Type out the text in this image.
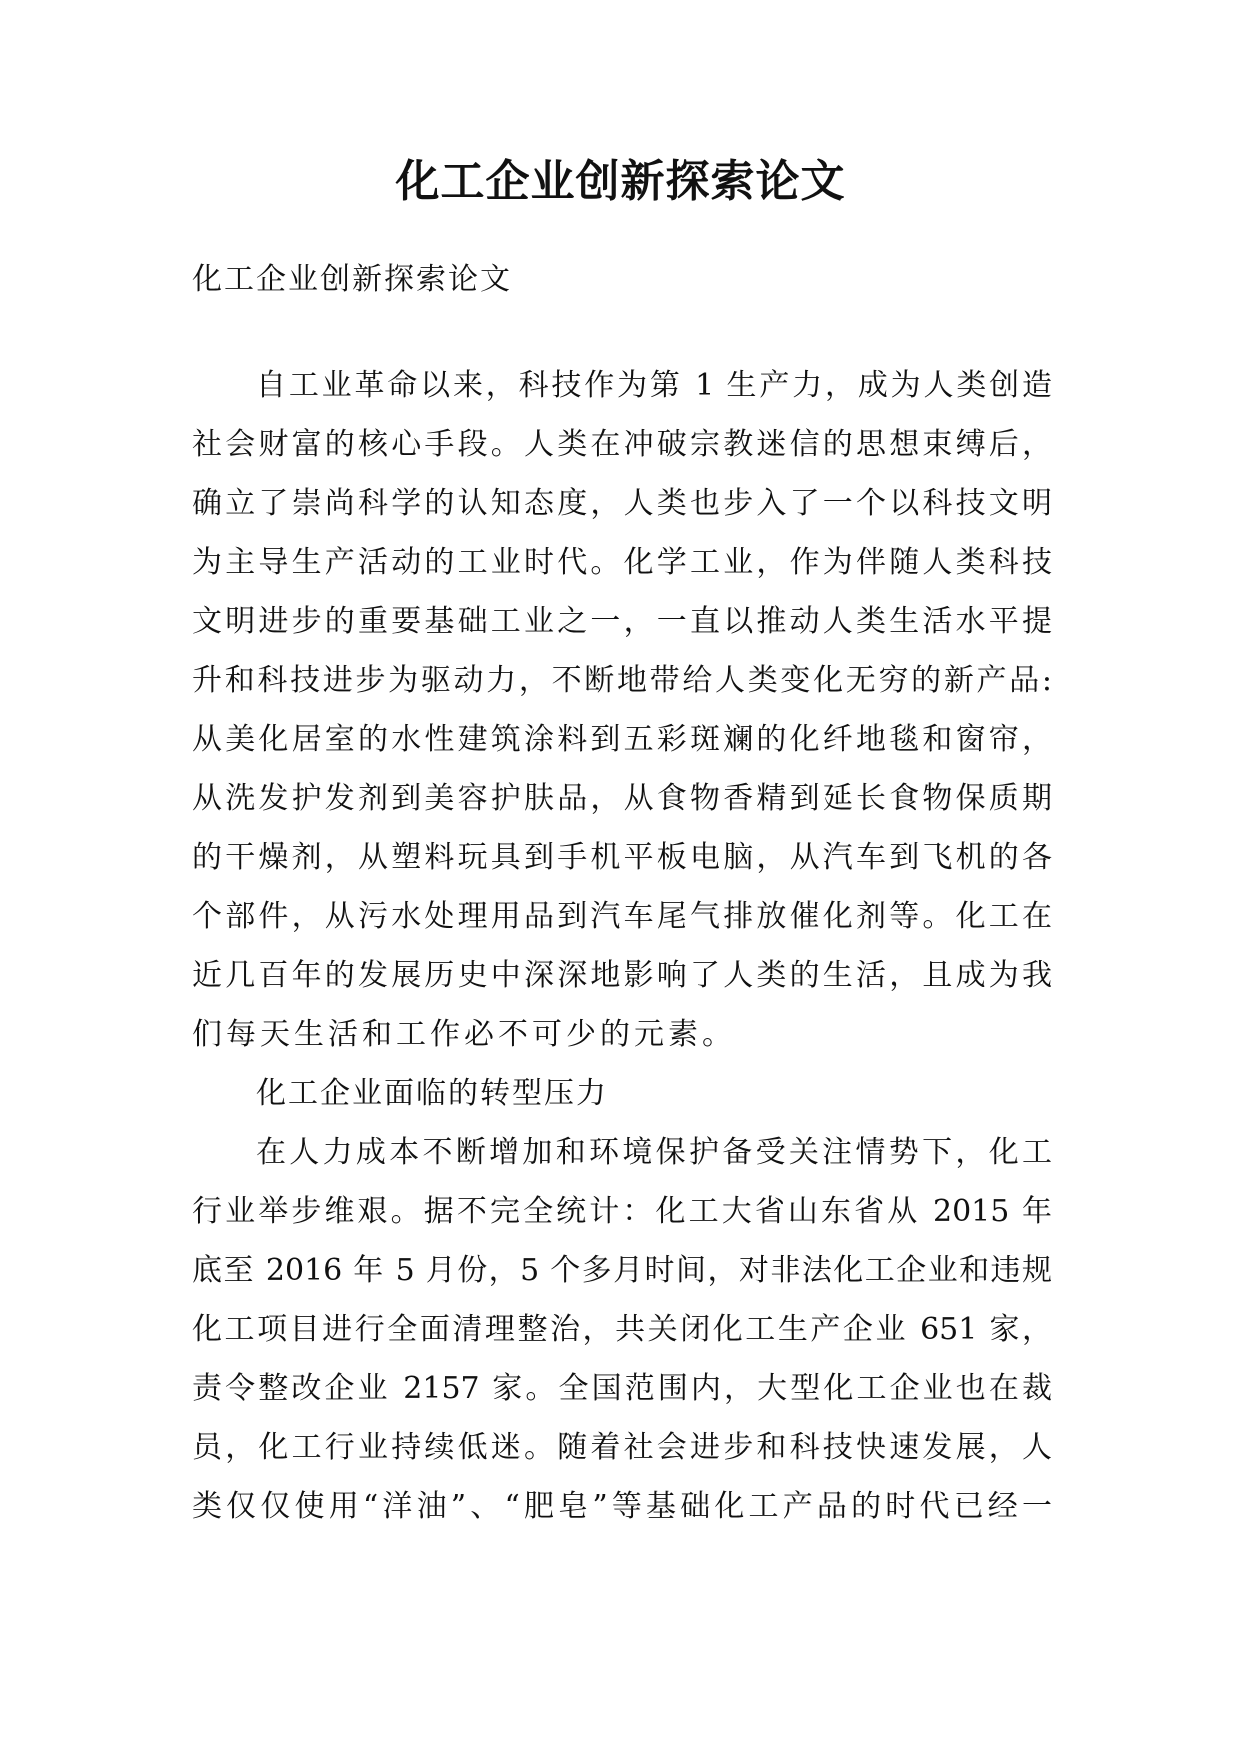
化工企业创新探索论文
化工企业创新探索论文
自工业革命以来，科技作为第 1 生产力，成为人类创造
社会财富的核心手段。人类在冲破宗教迷信的思想束缚后，
确立了崇尚科学的认知态度，人类也步入了一个以科技文明
为主导生产活动的工业时代。化学工业，作为伴随人类科技
文明进步的重要基础工业之一，一直以推动人类生活水平提
升和科技进步为驱动力，不断地带给人类变化无穷的新产品:
从美化居室的水性建筑涂料到五彩斑斓的化纤地毯和窗帘，
从洗发护发剂到美容护肤品，从食物香精到延长食物保质期
的干燥剂，从塑料玩具到手机平板电脑，从汽车到飞机的各
个部件，从污水处理用品到汽车尾气排放催化剂等。化工在
近几百年的发展历史中深深地影响了人类的生活，且成为我
们每天生活和工作必不可少的元素。
化工企业面临的转型压力
在人力成本不断增加和环境保护备受关注情势下，化工
行业举步维艰。据不完全统计：化工大省山东省从 2015 年
底至 2016 年 5 月份，5 个多月时间，对非法化工企业和违规
化工项目进行全面清理整治，共关闭化工生产企业 651 家，
责令整改企业 2157 家。全国范围内，大型化工企业也在裁
员，化工行业持续低迷。随着社会进步和科技快速发展，人
类仅仅使用“洋油”、“肥皂”等基础化工产品的时代已经一
